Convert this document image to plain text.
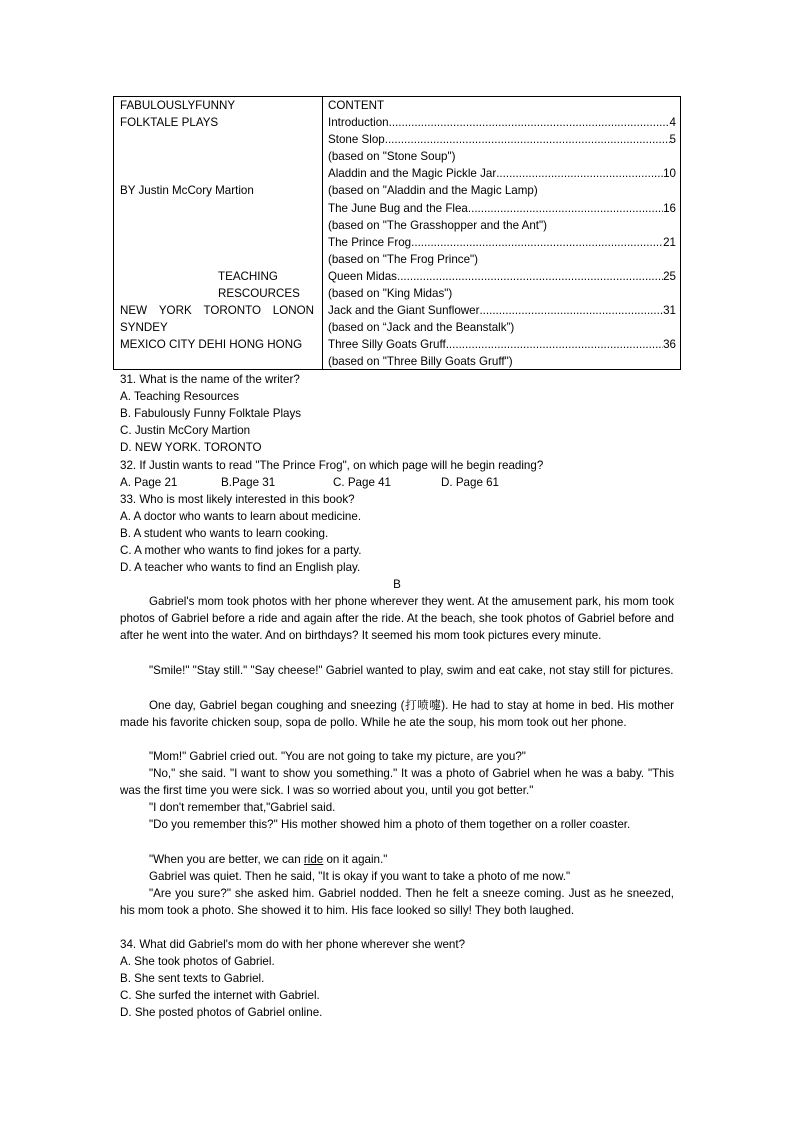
FABULOUSLYFUNNY
FOLKTALE PLAYS
BY Justin McCory Martion
TEACHING
RESCOURCES
NEW YORK TORONTO LONON
SYNDEY
MEXICO CITY DEHI HONG HONG
CONTENT
Introduction .....	4
Stone Slop .....	5
(based on "Stone Soup")
Aladdin and the Magic Pickle Jar .....	10
(based on "Aladdin and the Magic Lamp)
The June Bug and the Flea .....	16
(based on "The Grasshopper and the Ant")
The Prince Frog .....	21
(based on "The Frog Prince")
Queen Midas .....	25
(based on "King Midas")
Jack and the Giant Sunflower .....	31
(based on “Jack and the Beanstalk”)
Three Silly Goats Gruff .....	36
(based on "Three Billy Goats Gruff")
31. What is the name of the writer?
A. Teaching Resources
B. Fabulously Funny Folktale Plays
C. Justin McCory Martion
D. NEW YORK. TORONTO
32. If Justin wants to read "The Prince Frog", on which page will he begin reading?
A. Page 21	B.Page 31	C. Page 41	D. Page 61
33. Who is most likely interested in this book?
A. A doctor who wants to learn about medicine.
B. A student who wants to learn cooking.
C. A mother who wants to find jokes for a party.
D. A teacher who wants to find an English play.
B
Gabriel's mom took photos with her phone wherever they went. At the amusement park, his mom took photos of Gabriel before a ride and again after the ride. At the beach, she took photos of Gabriel before and after he went into the water. And on birthdays? It seemed his mom took pictures every minute.
"Smile!" "Stay still." "Say cheese!" Gabriel wanted to play, swim and eat cake, not stay still for pictures.
One day, Gabriel began coughing and sneezing (打喷嚏). He had to stay at home in bed. His mother made his favorite chicken soup, sopa de pollo. While he ate the soup, his mom took out her phone.
"Mom!" Gabriel cried out. "You are not going to take my picture, are you?"
"No," she said. "I want to show you something." It was a photo of Gabriel when he was a baby. "This was the first time you were sick. I was so worried about you, until you got better."
"I don't remember that,"Gabriel said.
"Do you remember this?" His mother showed him a photo of them together on a roller coaster.
"When you are better, we can ride on it again."
Gabriel was quiet. Then he said, "It is okay if you want to take a photo of me now."
"Are you sure?" she asked him. Gabriel nodded. Then he felt a sneeze coming. Just as he sneezed, his mom took a photo. She showed it to him. His face looked so silly! They both laughed.
34. What did Gabriel's mom do with her phone wherever she went?
A. She took photos of Gabriel.
B. She sent texts to Gabriel.
C. She surfed the internet with Gabriel.
D. She posted photos of Gabriel online.
